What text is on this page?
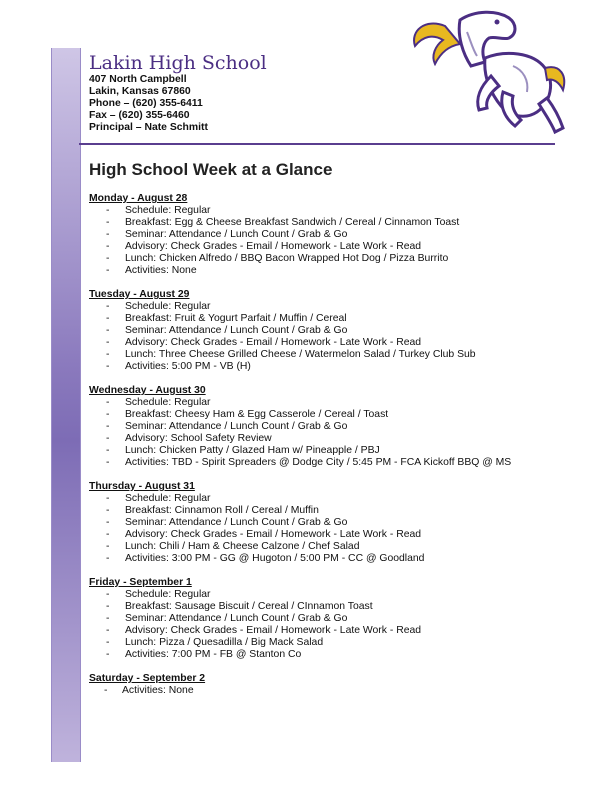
Lakin High School
407 North Campbell
Lakin, Kansas 67860
Phone – (620) 355-6411
Fax – (620) 355-6460
Principal – Nate Schmitt
High School Week at a Glance
Monday - August 28
- Schedule: Regular
- Breakfast: Egg & Cheese Breakfast Sandwich / Cereal / Cinnamon Toast
- Seminar: Attendance / Lunch Count / Grab & Go
- Advisory: Check Grades - Email / Homework - Late Work - Read
- Lunch: Chicken Alfredo / BBQ Bacon Wrapped Hot Dog / Pizza Burrito
- Activities: None
Tuesday - August 29
- Schedule: Regular
- Breakfast: Fruit & Yogurt Parfait / Muffin / Cereal
- Seminar: Attendance / Lunch Count / Grab & Go
- Advisory: Check Grades - Email / Homework - Late Work - Read
- Lunch: Three Cheese Grilled Cheese / Watermelon Salad / Turkey Club Sub
- Activities: 5:00 PM - VB (H)
Wednesday - August 30
- Schedule: Regular
- Breakfast: Cheesy Ham & Egg Casserole / Cereal / Toast
- Seminar: Attendance / Lunch Count / Grab & Go
- Advisory: School Safety Review
- Lunch: Chicken Patty / Glazed Ham w/ Pineapple / PBJ
- Activities: TBD - Spirit Spreaders @ Dodge City / 5:45 PM - FCA Kickoff BBQ @ MS
Thursday - August 31
- Schedule: Regular
- Breakfast: Cinnamon Roll / Cereal / Muffin
- Seminar: Attendance / Lunch Count / Grab & Go
- Advisory: Check Grades - Email / Homework - Late Work - Read
- Lunch: Chili / Ham & Cheese Calzone / Chef Salad
- Activities: 3:00 PM - GG @ Hugoton / 5:00 PM - CC @ Goodland
Friday - September 1
- Schedule: Regular
- Breakfast: Sausage Biscuit / Cereal / CInnamon Toast
- Seminar: Attendance / Lunch Count / Grab & Go
- Advisory: Check Grades - Email / Homework - Late Work - Read
- Lunch: Pizza / Quesadilla / Big Mack Salad
- Activities: 7:00 PM - FB @ Stanton Co
Saturday - September 2
- Activities: None
